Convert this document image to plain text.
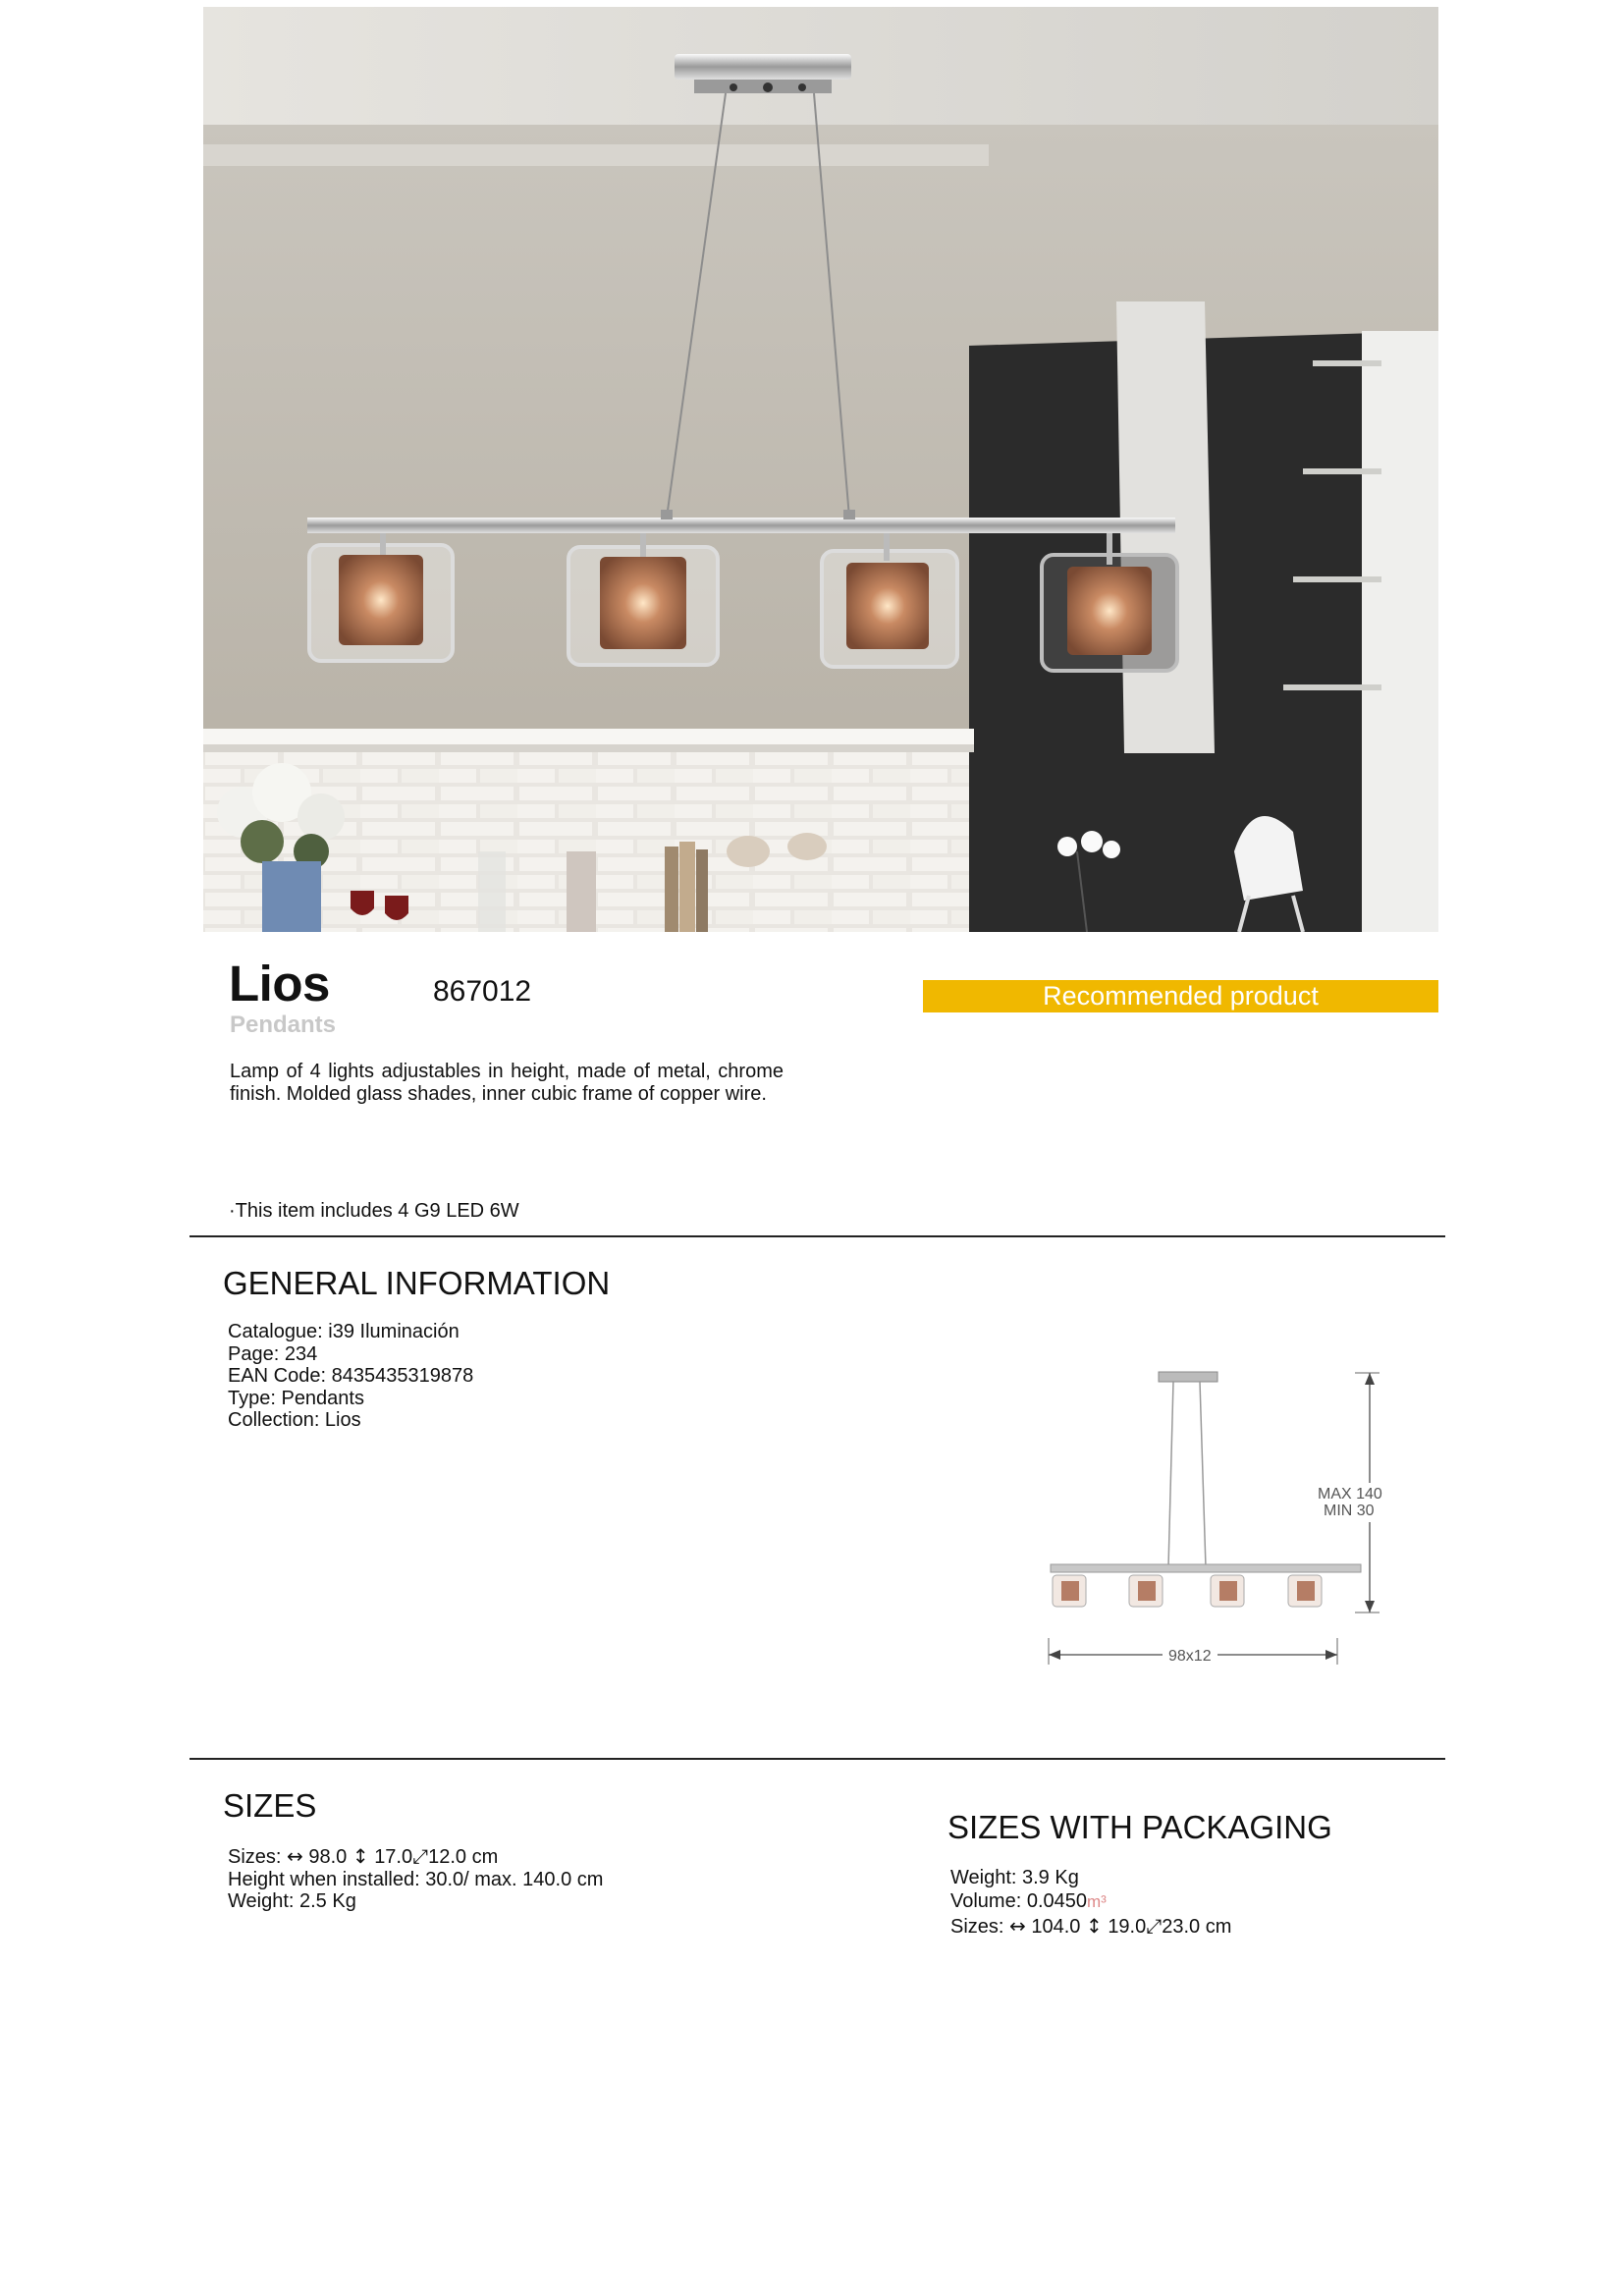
Lios	867012
Pendants
Recommended product

Lamp of 4 lights adjustables in height, made of metal, chrome finish. Molded glass shades, inner cubic frame of copper wire.

·This item includes 4 G9 LED 6W
GENERAL INFORMATION
Catalogue: i39 Iluminación
Page: 234
EAN Code: 8435435319878
Type: Pendants
Collection: Lios
MAX 140
MIN 30
98x12
SIZES
Sizes: ↔ 98.0 ↕ 17.0⤢12.0 cm
Height when installed: 30.0/ max. 140.0 cm
Weight: 2.5 Kg
SIZES WITH PACKAGING
Weight: 3.9 Kg
Volume: 0.0450m³
Sizes: ↔ 104.0 ↕ 19.0⤢23.0 cm
